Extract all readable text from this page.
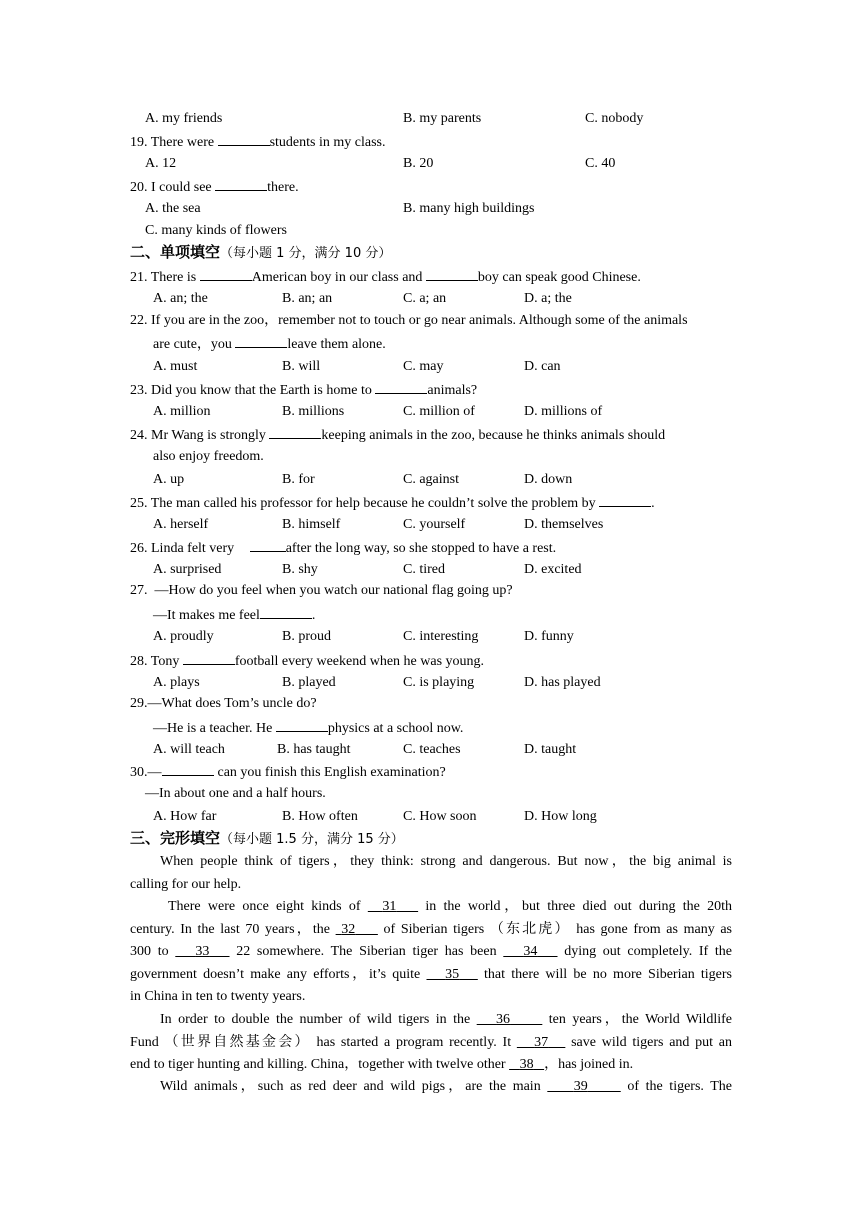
A. my friends	B. my parents	C. nobody
19. There were	students in my class.
A. 12	B. 20	C. 40
20. I could see	there.
A. the sea	B. many high buildings
C. many kinds of flowers
二、单项填空（每小题 1 分，满分 10 分）
21. There is	American boy in our class and	boy can speak good Chinese.
A. an; the	B. an; an	C. a; an	D. a; the
22. If you are in the zoo，remember not to touch or go near animals. Although some of the animals
are cute，you	leave them alone.
A. must	B. will	C. may	D. can
23. Did you know that the Earth is home to	animals?
A. million	B. millions	C. million of	D. millions of
24. Mr Wang is strongly	keeping animals in the zoo, because he thinks animals should
also enjoy freedom.
A. up	B. for	C. against	D. down
25. The man called his professor for help because he couldn’t solve the problem by	.
A. herself	B. himself	C. yourself	D. themselves
26. Linda felt very	after the long way, so she stopped to have a rest.
A. surprised	B. shy	C. tired	D. excited
27.  —How do you feel when you watch our national flag going up?
—It makes me feel	.
A. proudly	B. proud	C. interesting	D. funny
28. Tony	football every weekend when he was young.
A. plays	B. played	C. is playing	D. has played
29.—What does Tom’s uncle do?
—He is a teacher. He	physics at a school now.
A. will teach	B. has taught	C. teaches	D. taught
30.—	can you finish this English examination?
—In about one and a half hours.
A. How far	B. How often	C. How soon	D. How long
三、完形填空（每小题 1.5 分，满分 15 分）
When people think of tigers，they think: strong and dangerous. But now，the big animal is
calling for our help.
There were once eight kinds of   31    in the world，but three died out during the 20th
century. In the last 70 years，the  32     of Siberian tigers （东北虎） has gone from as many as
300 to    33    22 somewhere. The Siberian tiger has been    34    dying out completely. If the
government doesn’t make any efforts，it’s quite    35    that there will be no more Siberian tigers
in China in ten to twenty years.
In order to double the number of wild tigers in the    36      ten years，the World Wildlife
Fund （世界自然基金会） has started a program recently. It    37    save wild tigers and put an
end to tiger hunting and killing. China，together with twelve other    38 ，has joined in.
Wild animals，such as red deer and wild pigs，are the main     39      of the tigers. The
